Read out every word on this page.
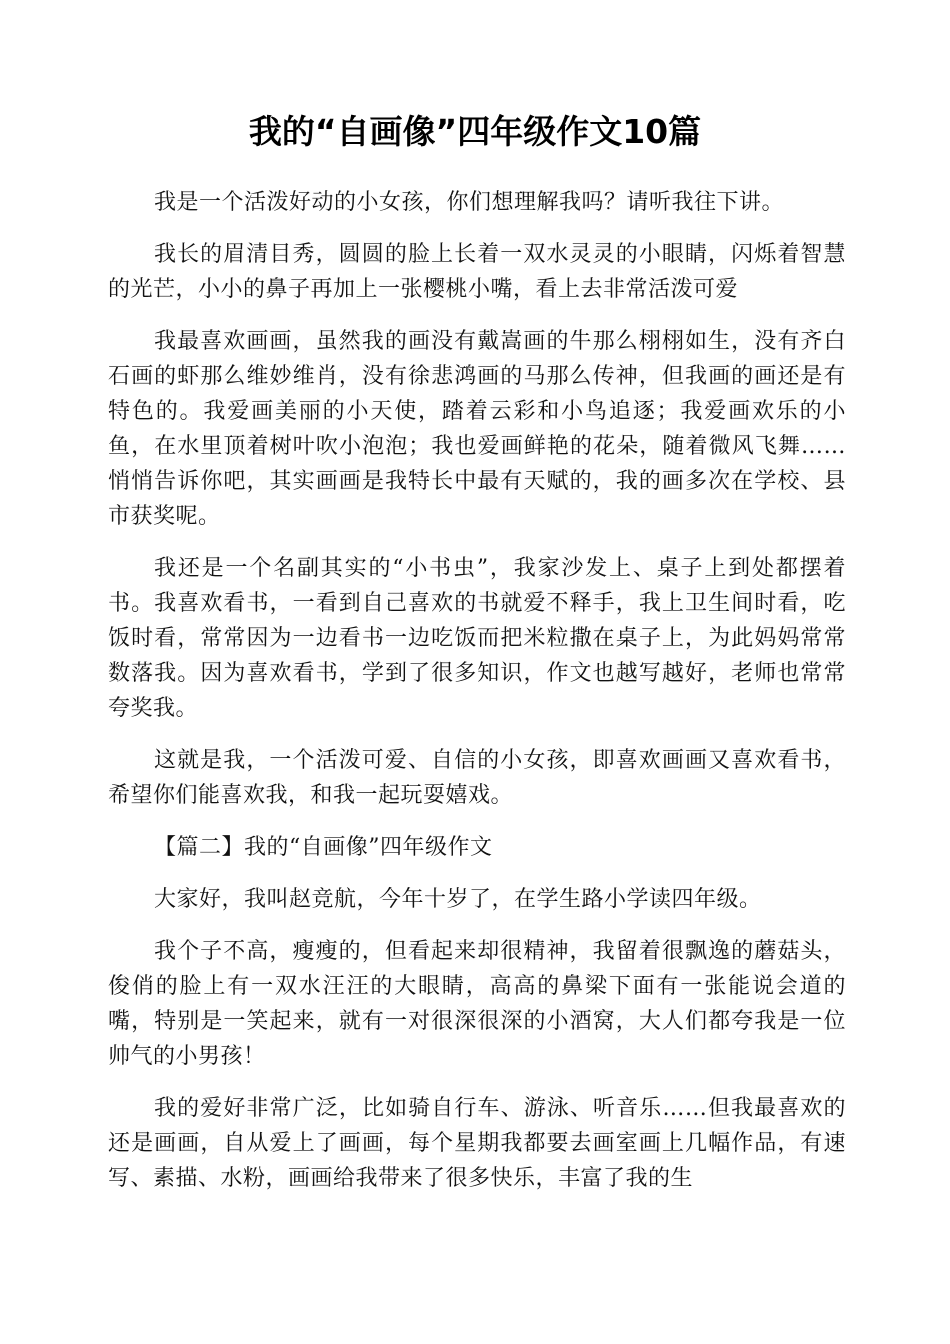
我的“自画像”四年级作文10篇

我是一个活泼好动的小女孩，你们想理解我吗？请听我往下讲。

我长的眉清目秀，圆圆的脸上长着一双水灵灵的小眼睛，闪烁着智慧的光芒，小小的鼻子再加上一张樱桃小嘴，看上去非常活泼可爱

我最喜欢画画，虽然我的画没有戴嵩画的牛那么栩栩如生，没有齐白石画的虾那么维妙维肖，没有徐悲鸿画的马那么传神，但我画的画还是有特色的。我爱画美丽的小天使，踏着云彩和小鸟追逐；我爱画欢乐的小鱼，在水里顶着树叶吹小泡泡；我也爱画鲜艳的花朵，随着微风飞舞……悄悄告诉你吧，其实画画是我特长中最有天赋的，我的画多次在学校、县市获奖呢。

我还是一个名副其实的“小书虫”，我家沙发上、桌子上到处都摆着书。我喜欢看书，一看到自己喜欢的书就爱不释手，我上卫生间时看，吃饭时看，常常因为一边看书一边吃饭而把米粒撒在桌子上，为此妈妈常常数落我。因为喜欢看书，学到了很多知识，作文也越写越好，老师也常常夸奖我。

这就是我，一个活泼可爱、自信的小女孩，即喜欢画画又喜欢看书，希望你们能喜欢我，和我一起玩耍嬉戏。

【篇二】我的“自画像”四年级作文

大家好，我叫赵竞航，今年十岁了，在学生路小学读四年级。

我个子不高，瘦瘦的，但看起来却很精神，我留着很飘逸的蘑菇头，俊俏的脸上有一双水汪汪的大眼睛，高高的鼻梁下面有一张能说会道的嘴，特别是一笑起来，就有一对很深很深的小酒窝，大人们都夸我是一位帅气的小男孩！

我的爱好非常广泛，比如骑自行车、游泳、听音乐……但我最喜欢的还是画画，自从爱上了画画，每个星期我都要去画室画上几幅作品，有速写、素描、水粉，画画给我带来了很多快乐，丰富了我的生
